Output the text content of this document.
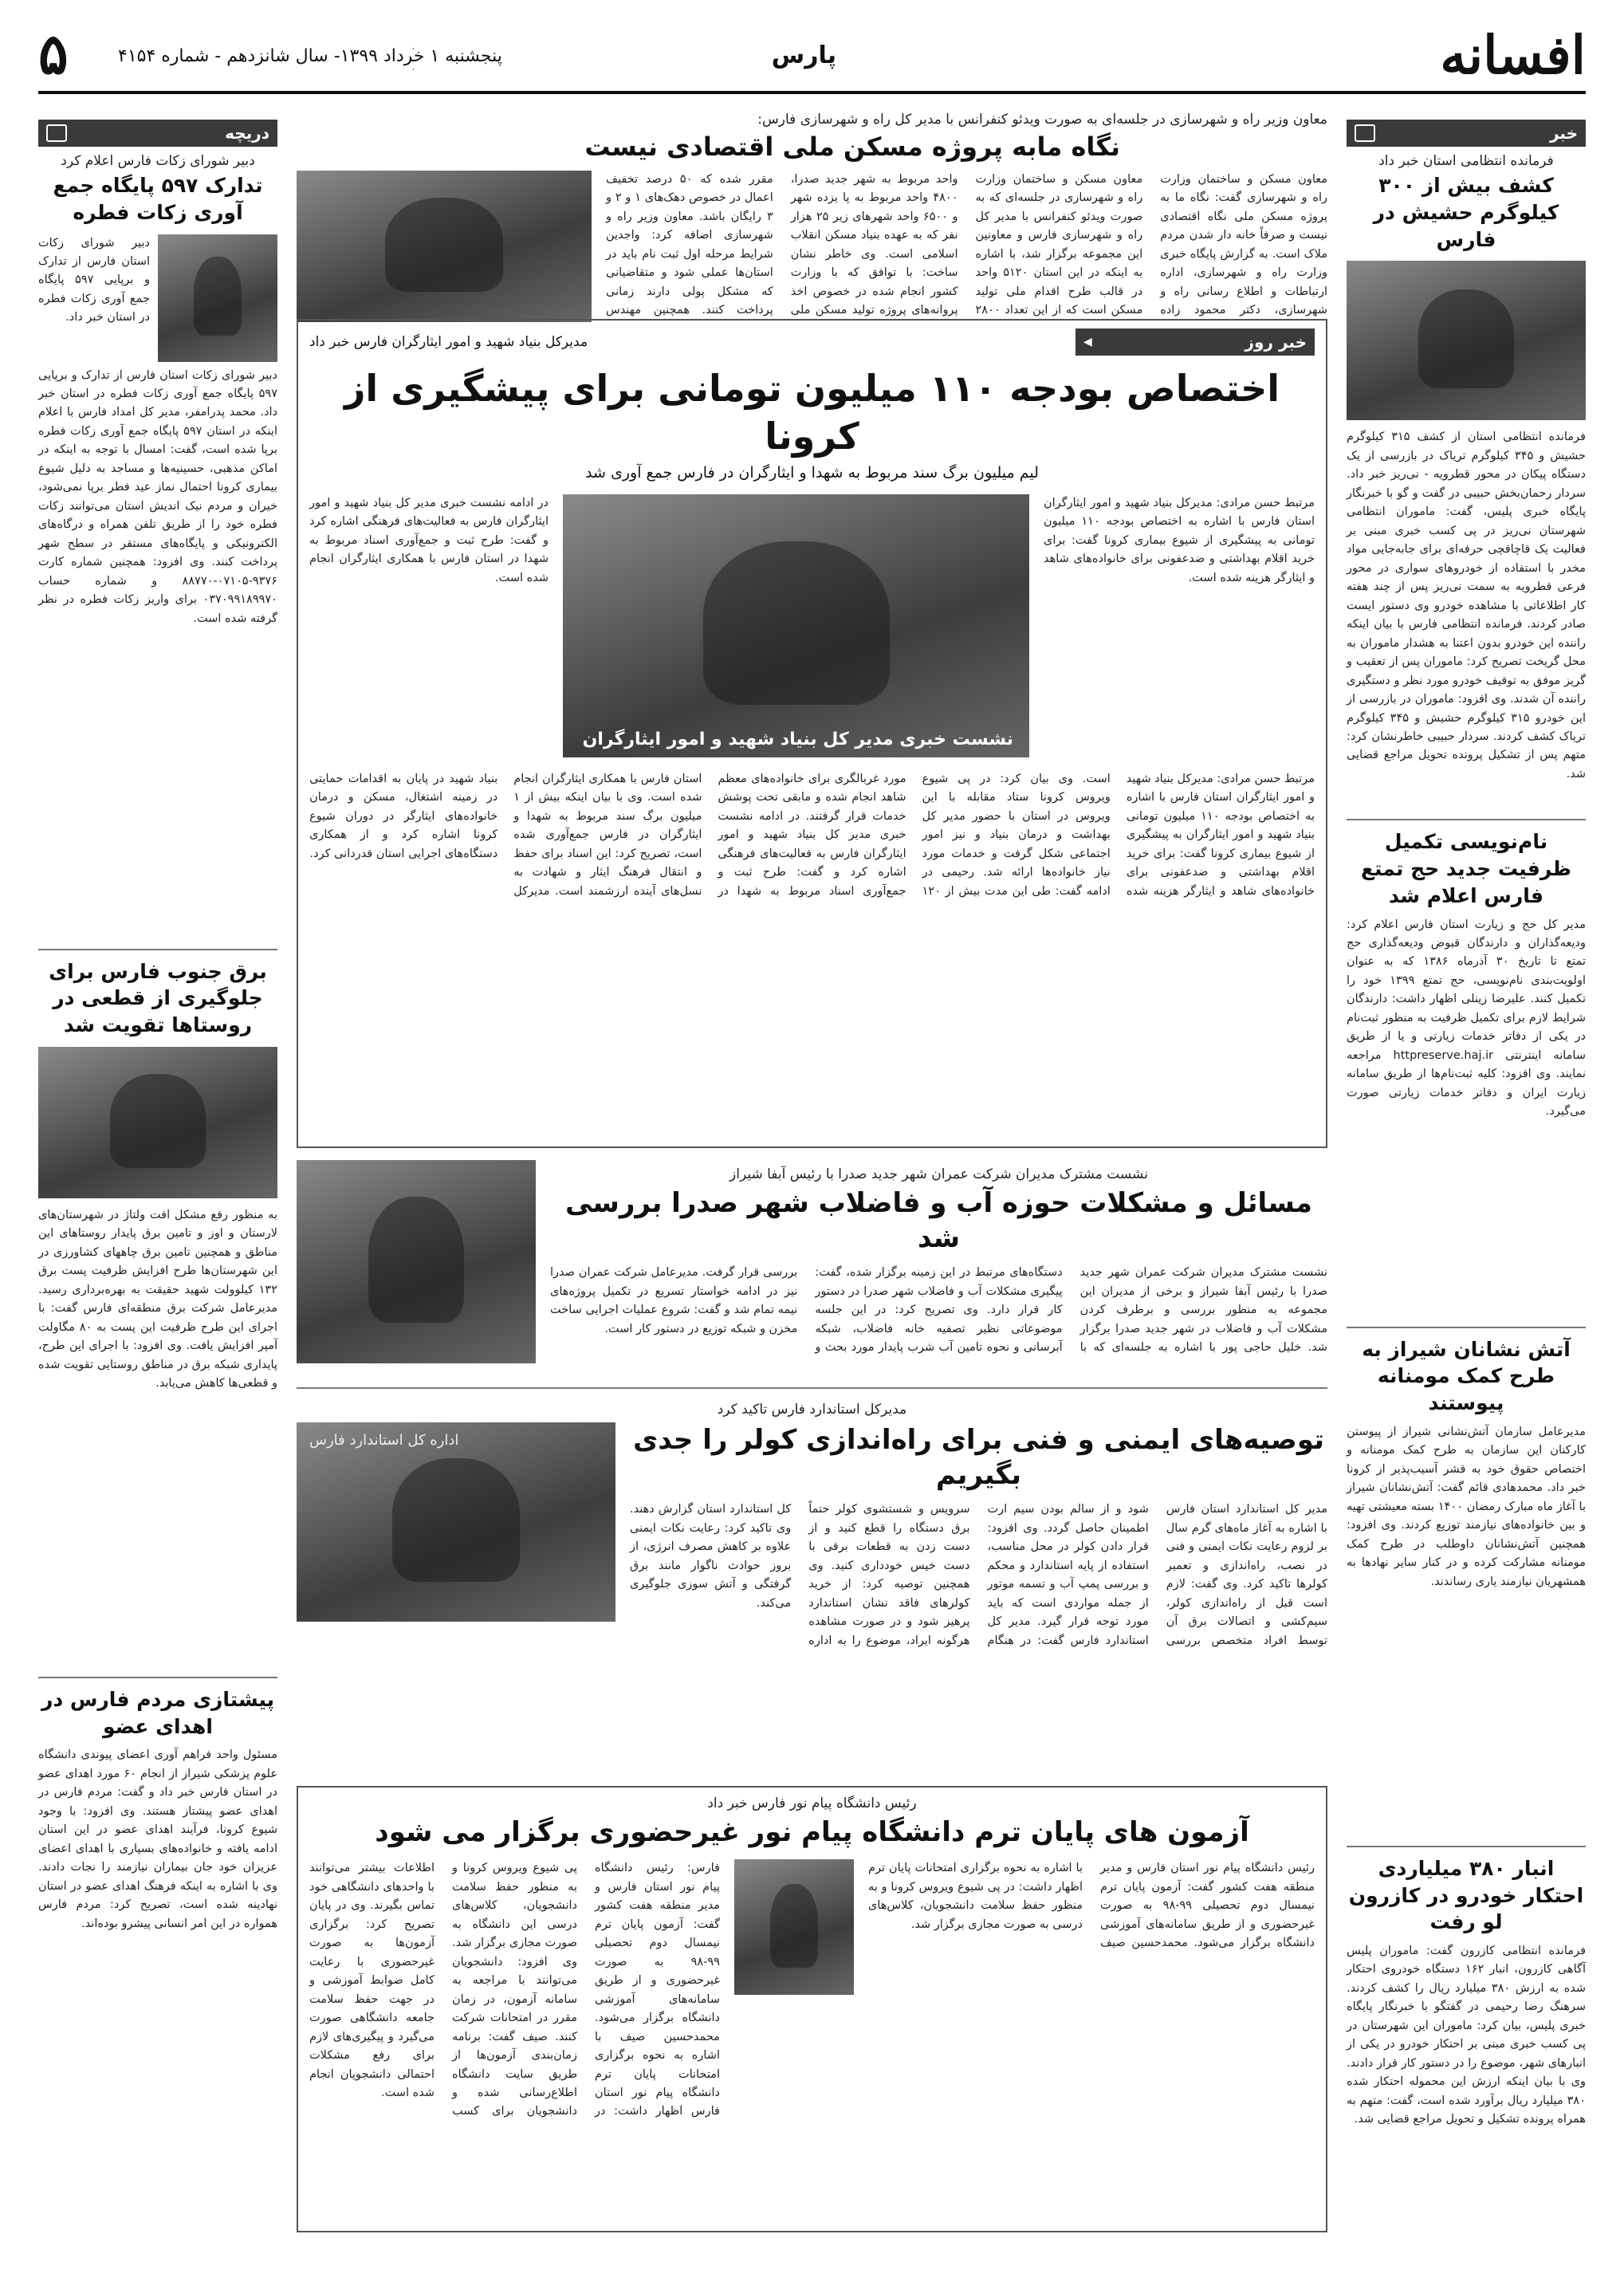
افسانه
پارس
پنجشنبه ۱ خرداد ۱۳۹۹- سال شانزدهم - شماره ۴۱۵۴
۵
خبر
فرمانده انتظامی استان خبر داد
کشف بیش از ۳۰۰ کیلوگرم حشیش در فارس
فرمانده انتظامی استان از کشف ۳۱۵ کیلوگرم حشیش و ۳۴۵ کیلوگرم تریاک در بازرسی از یک دستگاه پیکان در محور قطرویه - نی‌ریز خبر داد. سردار رحمان‌بخش حبیبی در گفت و گو با خبرنگار پایگاه خبری پلیس، گفت: ماموران انتظامی شهرستان نی‌ریز در پی کسب خبری مبنی بر فعالیت یک قاچاقچی حرفه‌ای برای جابه‌جایی مواد مخدر با استفاده از خودروهای سواری در محور فرعی قطرویه به سمت نی‌ریز پس از چند هفته کار اطلاعاتی با مشاهده خودرو وی دستور ایست صادر کردند. فرمانده انتظامی فارس با بیان اینکه راننده این خودرو بدون اعتنا به هشدار ماموران به محل گریخت تصریح کرد: ماموران پس از تعقیب و گریز موفق به توقیف خودرو مورد نظر و دستگیری راننده آن شدند. وی افزود: ماموران در بازرسی از این خودرو ۳۱۵ کیلوگرم حشیش و ۳۴۵ کیلوگرم تریاک کشف کردند. سردار حبیبی خاطرنشان کرد: متهم پس از تشکیل پرونده تحویل مراجع قضایی شد.
نام‌نویسی تکمیل ظرفیت جدید حج تمتع فارس اعلام شد
مدیر کل حج و زیارت استان فارس اعلام کرد: ودیعه‌گذاران و دارندگان قبوض ودیعه‌گذاری حج تمتع تا تاریخ ۳۰ آذرماه ۱۳۸۶ که به عنوان اولویت‌بندی نام‌نویسی، حج تمتع ۱۳۹۹ خود را تکمیل کنند. علیرضا زینلی اظهار داشت: دارندگان شرایط لازم برای تکمیل ظرفیت به منظور ثبت‌نام در یکی از دفاتر خدمات زیارتی و یا از طریق سامانه اینترنتی httpreserve.haj.ir مراجعه نمایند. وی افزود: کلیه ثبت‌نام‌ها از طریق سامانه زیارت ایران و دفاتر خدمات زیارتی صورت می‌گیرد.
آتش نشانان شیراز به طرح کمک مومنانه پیوستند
مدیرعامل سازمان آتش‌نشانی شیراز از پیوستن کارکنان این سازمان به طرح کمک مومنانه و اختصاص حقوق خود به قشر آسیب‌پذیر از کرونا خبر داد. محمدهادی قائم گفت: آتش‌نشانان شیراز با آغاز ماه مبارک رمضان ۱۴۰۰ بسته معیشتی تهیه و بین خانواده‌های نیازمند توزیع کردند. وی افزود: همچنین آتش‌نشانان داوطلب در طرح کمک مومنانه مشارکت کرده و در کنار سایر نهادها به همشهریان نیازمند یاری رساندند.
انبار ۳۸۰ میلیاردی احتکار خودرو در کازرون لو رفت
فرمانده انتظامی کازرون گفت: ماموران پلیس آگاهی کازرون، انبار ۱۶۲ دستگاه خودروی احتکار شده به ارزش ۳۸۰ میلیارد ریال را کشف کردند. سرهنگ رضا رحیمی در گفتگو با خبرنگار پایگاه خبری پلیس، بیان کرد: ماموران این شهرستان در پی کسب خبری مبنی بر احتکار خودرو در یکی از انبارهای شهر، موضوع را در دستور کار قرار دادند. وی با بیان اینکه ارزش این محموله احتکار شده ۳۸۰ میلیارد ریال برآورد شده است، گفت: متهم به همراه پرونده تشکیل و تحویل مراجع قضایی شد.
دریچه
دبیر شورای زکات فارس اعلام کرد
تدارک ۵۹۷ پایگاه جمع آوری زکات فطره
دبیر شورای زکات استان فارس از تدارک و برپایی ۵۹۷ پایگاه جمع آوری زکات فطره در استان خبر داد.
دبیر شورای زکات استان فارس از تدارک و برپایی ۵۹۷ پایگاه جمع آوری زکات فطره در استان خبر داد. محمد پدرامفر، مدیر کل امداد فارس با اعلام اینکه در استان ۵۹۷ پایگاه جمع آوری زکات فطره برپا شده است، گفت: امسال با توجه به اینکه در اماکن مذهبی، حسینیه‌ها و مساجد به دلیل شیوع بیماری کرونا احتمال نماز عید فطر برپا نمی‌شود، خیران و مردم نیک اندیش استان می‌توانند زکات فطره خود را از طریق تلفن همراه و درگاه‌های الکترونیکی و پایگاه‌های مستقر در سطح شهر پرداخت کنند. وی افزود: همچنین شماره کارت ۹۳۷۶-۰۷۱۰۵-۸۸۷۷۰ و شماره حساب ۰۳۷۰۹۹۱۸۹۹۷۰ برای واریز زکات فطره در نظر گرفته شده است.
برق جنوب فارس برای جلوگیری از قطعی در روستاها تقویت شد
به منظور رفع مشکل افت ولتاژ در شهرستان‌های لارستان و اوز و تامین برق پایدار روستاهای این مناطق و همچنین تامین برق چاههای کشاورزی در این شهرستان‌ها طرح افزایش ظرفیت پست برق ۱۳۲ کیلوولت شهید حقیقت به بهره‌برداری رسید. مدیرعامل شرکت برق منطقه‌ای فارس گفت: با اجرای این طرح ظرفیت این پست به ۸۰ مگاولت آمپر افزایش یافت. وی افزود: با اجرای این طرح، پایداری شبکه برق در مناطق روستایی تقویت شده و قطعی‌ها کاهش می‌یابد.
پیشتازی مردم فارس در اهدای عضو
مسئول واحد فراهم آوری اعضای پیوندی دانشگاه علوم پزشکی شیراز از انجام ۶۰ مورد اهدای عضو در استان فارس خبر داد و گفت: مردم فارس در اهدای عضو پیشتاز هستند. وی افزود: با وجود شیوع کرونا، فرآیند اهدای عضو در این استان ادامه یافته و خانواده‌های بسیاری با اهدای اعضای عزیزان خود جان بیماران نیازمند را نجات دادند. وی با اشاره به اینکه فرهنگ اهدای عضو در استان نهادینه شده است، تصریح کرد: مردم فارس همواره در این امر انسانی پیشرو بوده‌اند.
معاون وزیر راه و شهرسازی در جلسه‌ای به صورت ویدئو کنفرانس با مدیر کل راه و شهرسازی فارس:
نگاه مابه پروژه مسکن ملی اقتصادی نیست
معاون مسکن و ساختمان وزارت راه و شهرسازی گفت: نگاه ما به پروژه مسکن ملی نگاه اقتصادی نیست و صرفاً خانه دار شدن مردم ملاک است. به گزارش پایگاه خبری وزارت راه و شهرسازی، اداره ارتباطات و اطلاع رسانی راه و شهرسازی، دکتر محمود زاده معاون مسکن و ساختمان وزارت راه و شهرسازی در جلسه‌ای که به صورت ویدئو کنفرانس با مدیر کل راه و شهرسازی فارس و معاونین این مجموعه برگزار شد، با اشاره به اینکه در این استان ۵۱۲۰ واحد در قالب طرح اقدام ملی تولید مسکن است که از این تعداد ۲۸۰۰ واحد مربوط به شهر جدید صدرا، ۴۸۰۰ واحد مربوط به پا یزده شهر و ۶۵۰۰ واحد شهرهای زیر ۲۵ هزار نفر که به عهده بنیاد مسکن انقلاب اسلامی است. وی خاطر نشان ساخت: با توافق که با وزارت کشور انجام شده در خصوص اخذ پروانه‌های پروژه تولید مسکن ملی مقرر شده که ۵۰ درصد تخفیف اعمال در خصوص دهک‌های ۱ و ۲ و ۳ رایگان باشد. معاون وزیر راه و شهرسازی اضافه کرد: واجدین شرایط مرحله اول ثبت نام باید در استان‌ها عملی شود و متقاضیانی که مشکل پولی دارند زمانی پرداخت کنند. همچنین مهندس
خبر روز
◀
مدیرکل بنیاد شهید و امور ایثارگران فارس خبر داد
اختصاص بودجه ۱۱۰ میلیون تومانی برای پیشگیری از کرونا
لیم میلیون برگ سند مربوط به شهدا و ایثارگران در فارس جمع آوری شد
مرتبط حسن مرادی: مدیرکل بنیاد شهید و امور ایثارگران استان فارس با اشاره به اختصاص بودجه ۱۱۰ میلیون تومانی به پیشگیری از شیوع بیماری کرونا گفت: برای خرید اقلام بهداشتی و ضدعفونی برای خانواده‌های شاهد و ایثارگر هزینه شده است.
نشست خبری مدیر کل بنیاد شهید و امور ایثارگران
در ادامه نشست خبری مدیر کل بنیاد شهید و امور ایثارگران فارس به فعالیت‌های فرهنگی اشاره کرد و گفت: طرح ثبت و جمع‌آوری اسناد مربوط به شهدا در استان فارس با همکاری ایثارگران انجام شده است.
مرتبط حسن مرادی: مدیرکل بنیاد شهید و امور ایثارگران استان فارس با اشاره به اختصاص بودجه ۱۱۰ میلیون تومانی بنیاد شهید و امور ایثارگران به پیشگیری از شیوع بیماری کرونا گفت: برای خرید اقلام بهداشتی و ضدعفونی برای خانواده‌های شاهد و ایثارگر هزینه شده است. وی بیان کرد: در پی شیوع ویروس کرونا ستاد مقابله با این ویروس در استان با حضور مدیر کل بهداشت و درمان بنیاد و نیز امور اجتماعی شکل گرفت و خدمات مورد نیاز خانواده‌ها ارائه شد. رحیمی در ادامه گفت: طی این مدت بیش از ۱۲۰ مورد غربالگری برای خانواده‌های معظم شاهد انجام شده و مابقی تحت پوشش خدمات قرار گرفتند. در ادامه نشست خبری مدیر کل بنیاد شهید و امور ایثارگران فارس به فعالیت‌های فرهنگی اشاره کرد و گفت: طرح ثبت و جمع‌آوری اسناد مربوط به شهدا در استان فارس با همکاری ایثارگران انجام شده است. وی با بیان اینکه بیش از ۱ میلیون برگ سند مربوط به شهدا و ایثارگران در فارس جمع‌آوری شده است، تصریح کرد: این اسناد برای حفظ و انتقال فرهنگ ایثار و شهادت به نسل‌های آینده ارزشمند است. مدیرکل بنیاد شهید در پایان به اقدامات حمایتی در زمینه اشتغال، مسکن و درمان خانواده‌های ایثارگر در دوران شیوع کرونا اشاره کرد و از همکاری دستگاه‌های اجرایی استان قدردانی کرد.
نشست مشترک مدیران شرکت عمران شهر جدید صدرا با رئیس آبفا شیراز
مسائل و مشکلات حوزه آب و فاضلاب شهر صدرا بررسی شد
نشست مشترک مدیران شرکت عمران شهر جدید صدرا با رئیس آبفا شیراز و برخی از مدیران این مجموعه به منظور بررسی و برطرف کردن مشکلات آب و فاضلاب در شهر جدید صدرا برگزار شد. خلیل حاجی پور با اشاره به جلسه‌ای که با دستگاه‌های مرتبط در این زمینه برگزار شده، گفت: پیگیری مشکلات آب و فاضلاب شهر صدرا در دستور کار قرار دارد. وی تصریح کرد: در این جلسه موضوعاتی نظیر تصفیه خانه فاضلاب، شبکه آبرسانی و نحوه تامین آب شرب پایدار مورد بحث و بررسی قرار گرفت. مدیرعامل شرکت عمران صدرا نیز در ادامه خواستار تسریع در تکمیل پروژه‌های نیمه تمام شد و گفت: شروع عملیات اجرایی ساخت مخزن و شبکه توزیع در دستور کار است.
مدیرکل استاندارد فارس تاکید کرد
توصیه‌های ایمنی و فنی برای راه‌اندازی کولر را جدی بگیریم
مدیر کل استاندارد استان فارس با اشاره به آغاز ماه‌های گرم سال بر لزوم رعایت نکات ایمنی و فنی در نصب، راه‌اندازی و تعمیر کولرها تاکید کرد. وی گفت: لازم است قبل از راه‌اندازی کولر، سیم‌کشی و اتصالات برق آن توسط افراد متخصص بررسی شود و از سالم بودن سیم ارت اطمینان حاصل گردد. وی افزود: قرار دادن کولر در محل مناسب، استفاده از پایه استاندارد و محکم و بررسی پمپ آب و تسمه موتور از جمله مواردی است که باید مورد توجه قرار گیرد. مدیر کل استاندارد فارس گفت: در هنگام سرویس و شستشوی کولر حتماً برق دستگاه را قطع کنید و از دست زدن به قطعات برقی با دست خیس خودداری کنید. وی همچنین توصیه کرد: از خرید کولرهای فاقد نشان استاندارد پرهیز شود و در صورت مشاهده هرگونه ایراد، موضوع را به اداره کل استاندارد استان گزارش دهند. وی تاکید کرد: رعایت نکات ایمنی علاوه بر کاهش مصرف انرژی، از بروز حوادث ناگوار مانند برق گرفتگی و آتش سوزی جلوگیری می‌کند.
اداره کل استاندارد فارس
رئیس دانشگاه پیام نور فارس خبر داد
آزمون های پایان ترم دانشگاه پیام نور غیرحضوری برگزار می شود
رئیس دانشگاه پیام نور استان فارس و مدیر منطقه هفت کشور گفت: آزمون پایان ترم نیمسال دوم تحصیلی ۹۹-۹۸ به صورت غیرحضوری و از طریق سامانه‌های آموزشی دانشگاه برگزار می‌شود. محمدحسین صیف با اشاره به نحوه برگزاری امتحانات پایان ترم اظهار داشت: در پی شیوع ویروس کرونا و به منظور حفظ سلامت دانشجویان، کلاس‌های درسی به صورت مجازی برگزار شد.
فارس: رئیس دانشگاه پیام نور استان فارس و مدیر منطقه هفت کشور گفت: آزمون پایان ترم نیمسال دوم تحصیلی ۹۹-۹۸ به صورت غیرحضوری و از طریق سامانه‌های آموزشی دانشگاه برگزار می‌شود. محمدحسین صیف با اشاره به نحوه برگزاری امتحانات پایان ترم دانشگاه پیام نور استان فارس اظهار داشت: در پی شیوع ویروس کرونا و به منظور حفظ سلامت دانشجویان، کلاس‌های درسی این دانشگاه به صورت مجازی برگزار شد. وی افزود: دانشجویان می‌توانند با مراجعه به سامانه آزمون، در زمان مقرر در امتحانات شرکت کنند. صیف گفت: برنامه زمان‌بندی آزمون‌ها از طریق سایت دانشگاه اطلاع‌رسانی شده و دانشجویان برای کسب اطلاعات بیشتر می‌توانند با واحدهای دانشگاهی خود تماس بگیرند. وی در پایان تصریح کرد: برگزاری آزمون‌ها به صورت غیرحضوری با رعایت کامل ضوابط آموزشی و در جهت حفظ سلامت جامعه دانشگاهی صورت می‌گیرد و پیگیری‌های لازم برای رفع مشکلات احتمالی دانشجویان انجام شده است.
